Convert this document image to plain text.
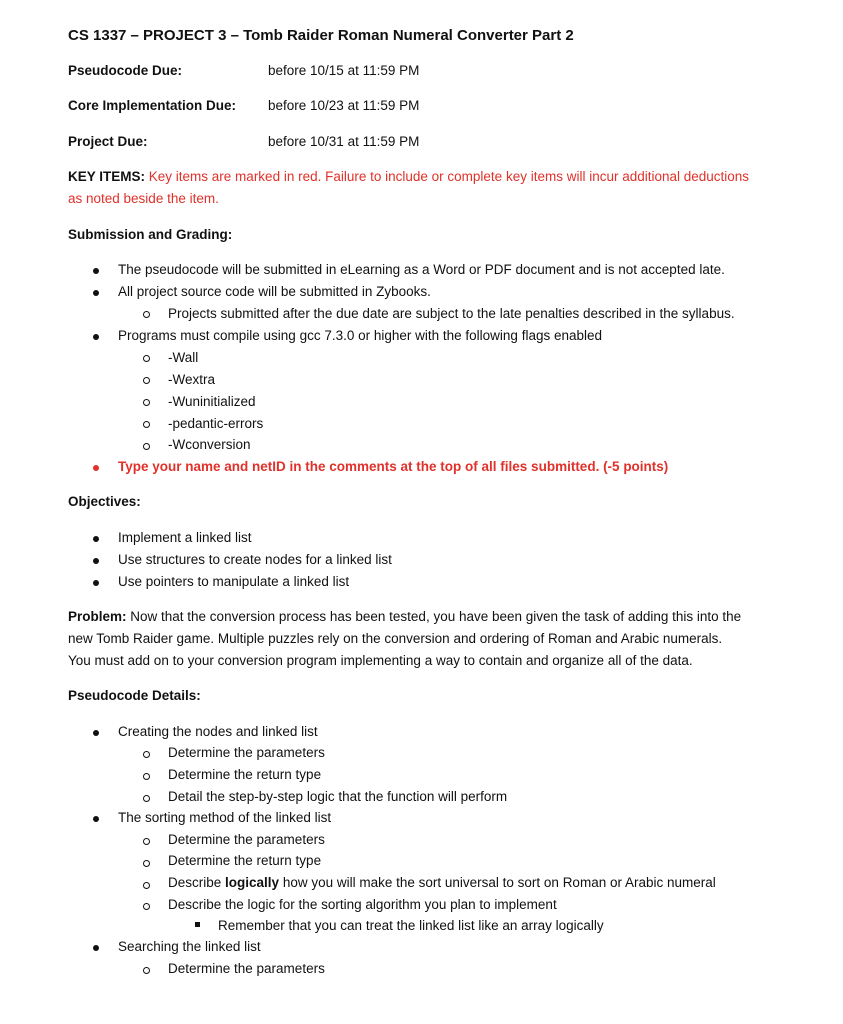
CS 1337 – PROJECT 3 – Tomb Raider Roman Numeral Converter Part 2
Pseudocode Due:	before 10/15 at 11:59 PM
Core Implementation Due: before 10/23 at 11:59 PM
Project Due:	before 10/31 at 11:59 PM
KEY ITEMS: Key items are marked in red. Failure to include or complete key items will incur additional deductions
as noted beside the item.
Submission and Grading:
The pseudocode will be submitted in eLearning as a Word or PDF document and is not accepted late.
All project source code will be submitted in Zybooks.
Projects submitted after the due date are subject to the late penalties described in the syllabus.
Programs must compile using gcc 7.3.0 or higher with the following flags enabled
-Wall
-Wextra
-Wuninitialized
-pedantic-errors
-Wconversion
Type your name and netID in the comments at the top of all files submitted. (-5 points)
Objectives:
Implement a linked list
Use structures to create nodes for a linked list
Use pointers to manipulate a linked list
Problem: Now that the conversion process has been tested, you have been given the task of adding this into the
new Tomb Raider game. Multiple puzzles rely on the conversion and ordering of Roman and Arabic numerals.
You must add on to your conversion program implementing a way to contain and organize all of the data.
Pseudocode Details:
Creating the nodes and linked list
Determine the parameters
Determine the return type
Detail the step-by-step logic that the function will perform
The sorting method of the linked list
Determine the parameters
Determine the return type
Describe logically how you will make the sort universal to sort on Roman or Arabic numeral
Describe the logic for the sorting algorithm you plan to implement
Remember that you can treat the linked list like an array logically
Searching the linked list
Determine the parameters
